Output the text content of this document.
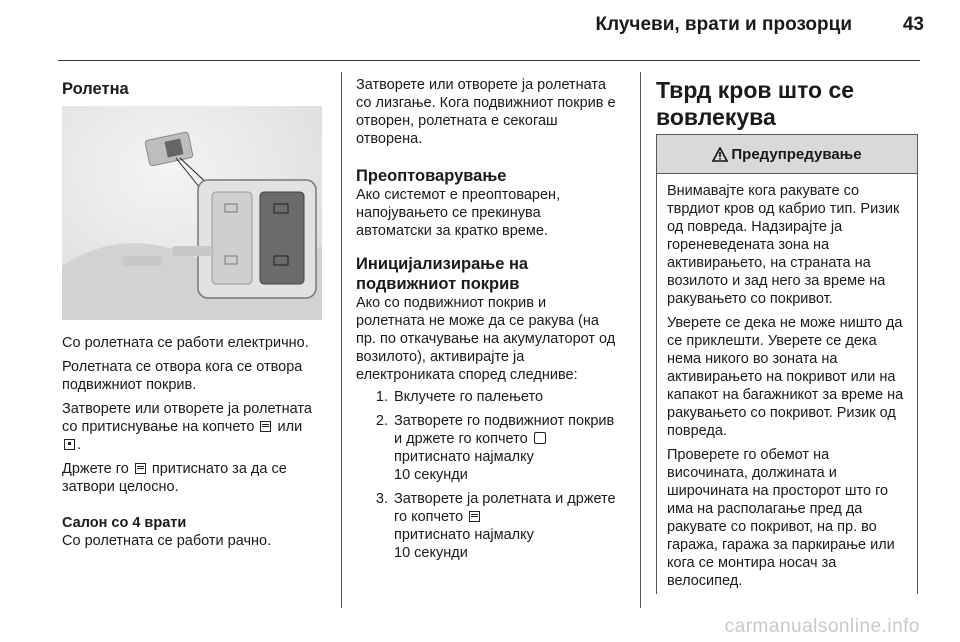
Клучеви, врати и прозорци	43
Ролетна

Со ролетната се работи електрично.

Ролетната се отвора кога се отвора подвижниот покрив.

Затворете или отворете ја ролетната со притиснување на копчето или .

Држете го притиснато за да се затвори целосно.

Салон со 4 врати

Со ролетната се работи рачно.

Затворете или отворете ја ролетната со лизгање. Кога подвижниот покрив е отворен, ролетната е секогаш отворена.

Преоптоварување

Ако системот е преоптоварен, напојувањето се прекинува автоматски за кратко време.

Иницијализирање на подвижниот покрив

Ако со подвижниот покрив и ролетната не може да се ракува (на пр. по откачување на акумулаторот од возилото), активирајте ја електрониката според следниве:

1. Вклучете го палењето
2. Затворете го подвижниот покрив и држете го копчето
притиснато најмалку
10 секунди
3. Затворете ја ролетната и држете го копчето
притиснато најмалку
10 секунди
Тврд кров што се вовлекува
Предупредување

Внимавајте кога ракувате со тврдиот кров од кабрио тип. Ризик од повреда. Надзирајте ја гореневедената зона на активирањето, на страната на возилото и зад него за време на ракувањето со покривот.

Уверете се дека не може ништо да се приклешти. Уверете се дека нема никого во зоната на активирањето на покривот или на капакот на багажникот за време на ракувањето со покривот. Ризик од повреда.

Проверете го обемот на височината, должината и широчината на просторот што го има на располагање пред да ракувате со покривот, на пр. во гаража, гаража за паркирање или кога се монтира носач за велосипед.

carmanualsonline.info
